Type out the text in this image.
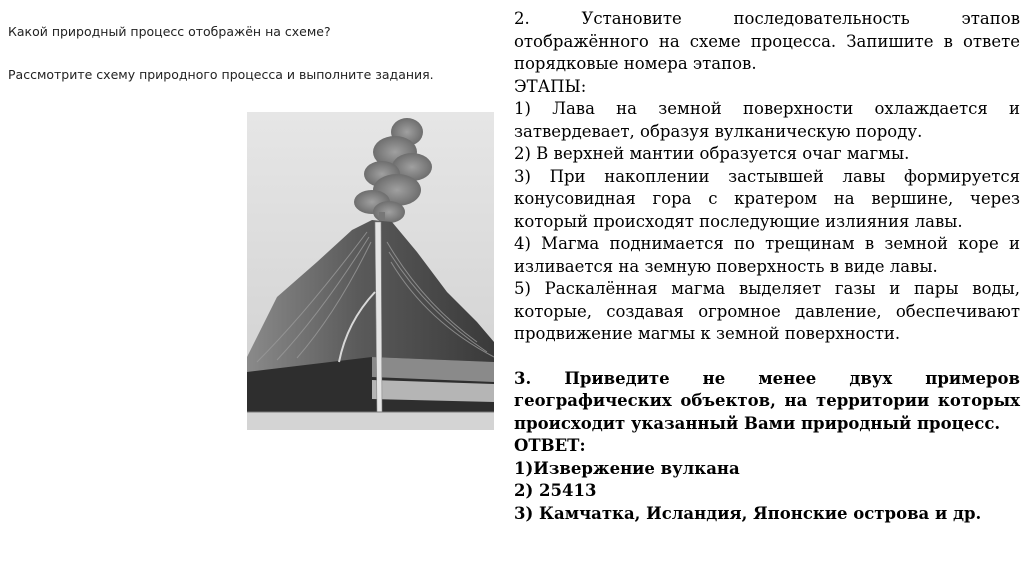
Какой природный процесс отображён на схеме?

Рассмотрите схему природного процесса и выполните задания.

2. Установите последовательность этапов

отображённого на схеме процесса. Запишите в ответе порядковые номера этапов.

ЭТАПЫ:

1) Лава на земной поверхности охлаждается и затвердевает, образуя вулканическую породу.

2) В верхней мантии образуется очаг магмы.

3) При накоплении застывшей лавы формируется конусовидная гора с кратером на вершине, через который происходят последующие излияния лавы.

4) Магма поднимается по трещинам в земной коре и изливается на земную поверхность в виде лавы.

5) Раскалённая магма выделяет газы и пары воды, которые, создавая огромное давление, обеспечивают продвижение магмы к земной поверхности.

3. Приведите не менее двух примеров географических объектов, на территории которых происходит указанный Вами природный процесс.

ОТВЕТ:

1)Извержение вулкана

2) 25413

3) Камчатка, Исландия, Японские острова и др.
